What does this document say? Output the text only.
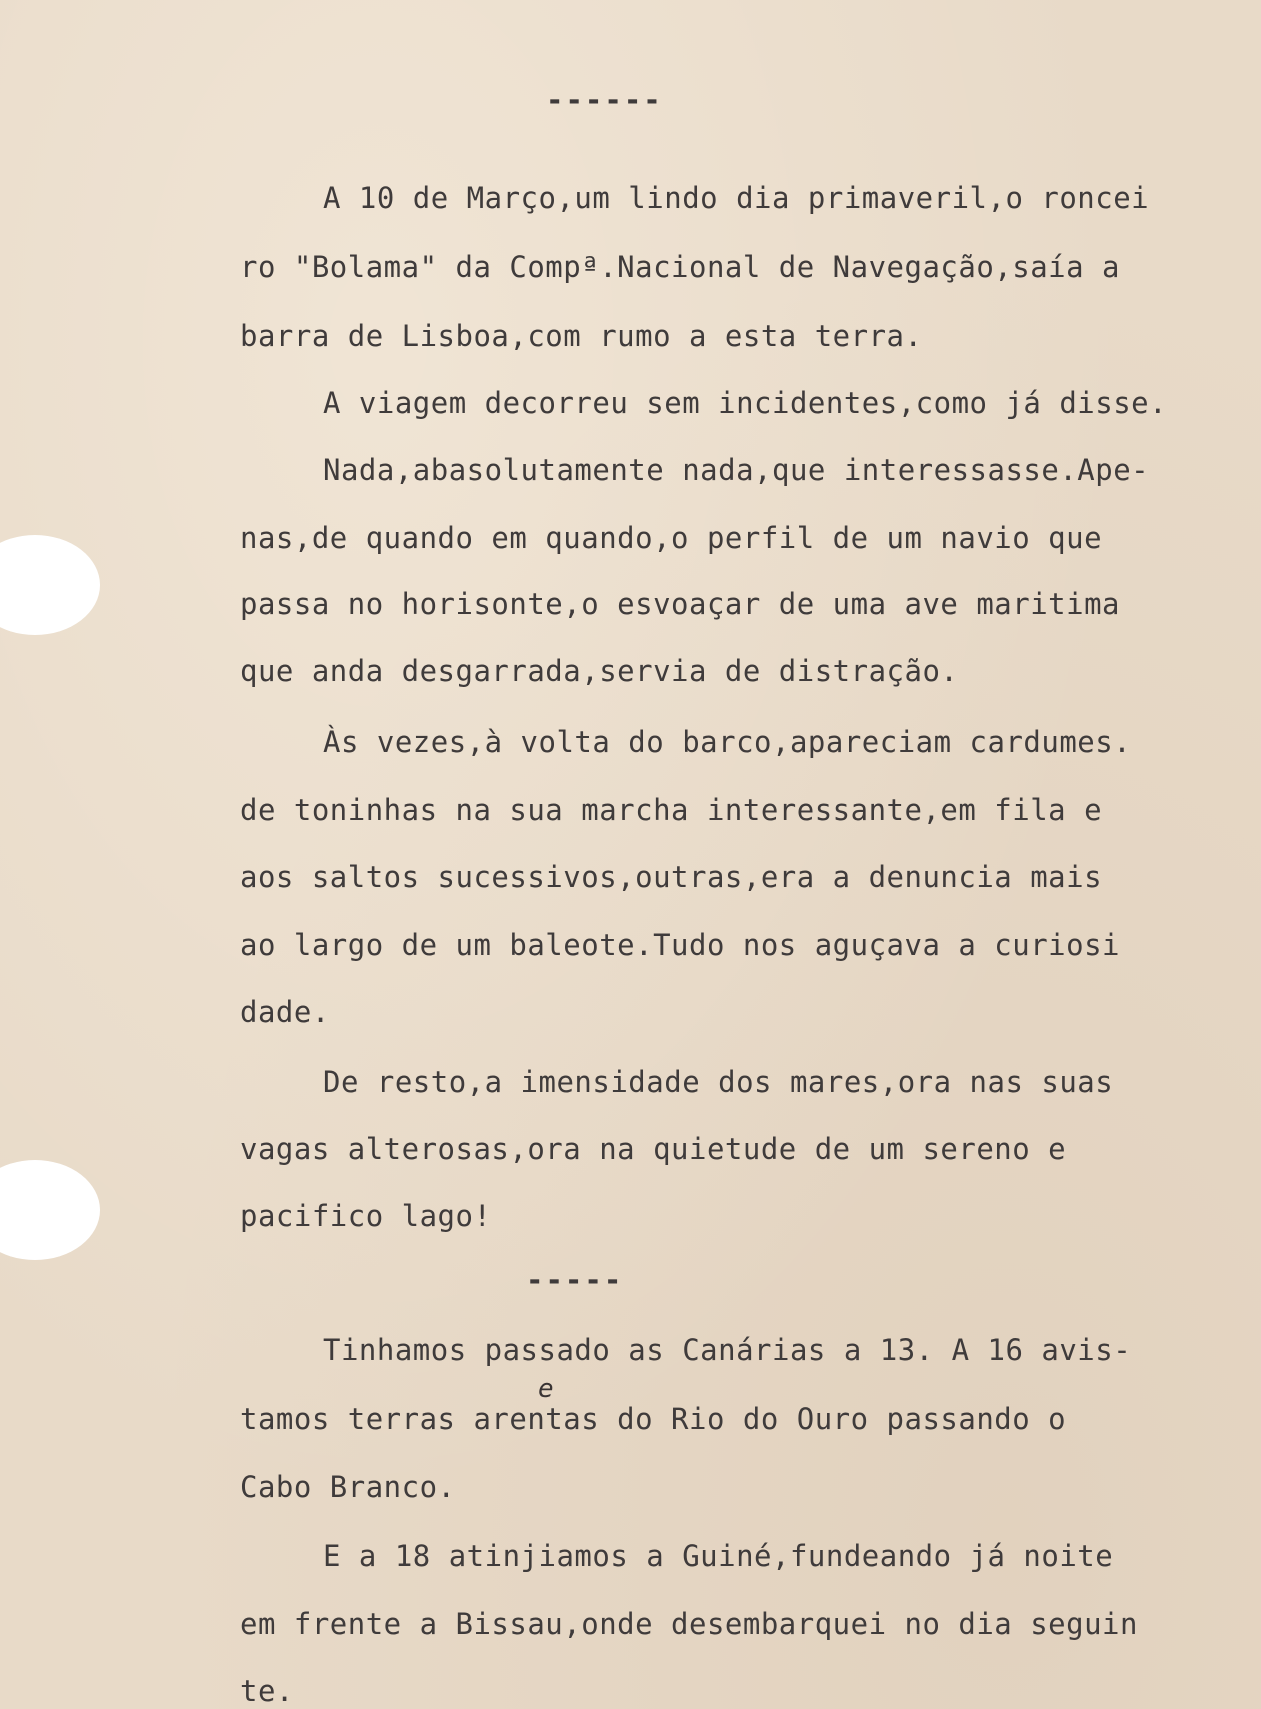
------
A 10 de Março,um lindo dia primaveril,o roncei
ro "Bolama" da Compª.Nacional de Navegação,saía a
barra de Lisboa,com rumo a esta terra.
A viagem decorreu sem incidentes,como já disse.
Nada,abasolutamente nada,que interessasse.Ape-
nas,de quando em quando,o perfil de um navio que
passa no horisonte,o esvoaçar de uma ave maritima
que anda desgarrada,servia de distração.
Às vezes,à volta do barco,apareciam cardumes.
de toninhas na sua marcha interessante,em fila e
aos saltos sucessivos,outras,era a denuncia mais
ao largo de um baleote.Tudo nos aguçava a curiosi
dade.
De resto,a imensidade dos mares,ora nas suas
vagas alterosas,ora na quietude de um sereno e
pacifico lago!
-----
Tinhamos passado as Canárias a 13. A 16 avis-
e
tamos terras arentas do Rio do Ouro passando o
Cabo Branco.
E a 18 atinjiamos a Guiné,fundeando já noite
em frente a Bissau,onde desembarquei no dia seguin
te.
